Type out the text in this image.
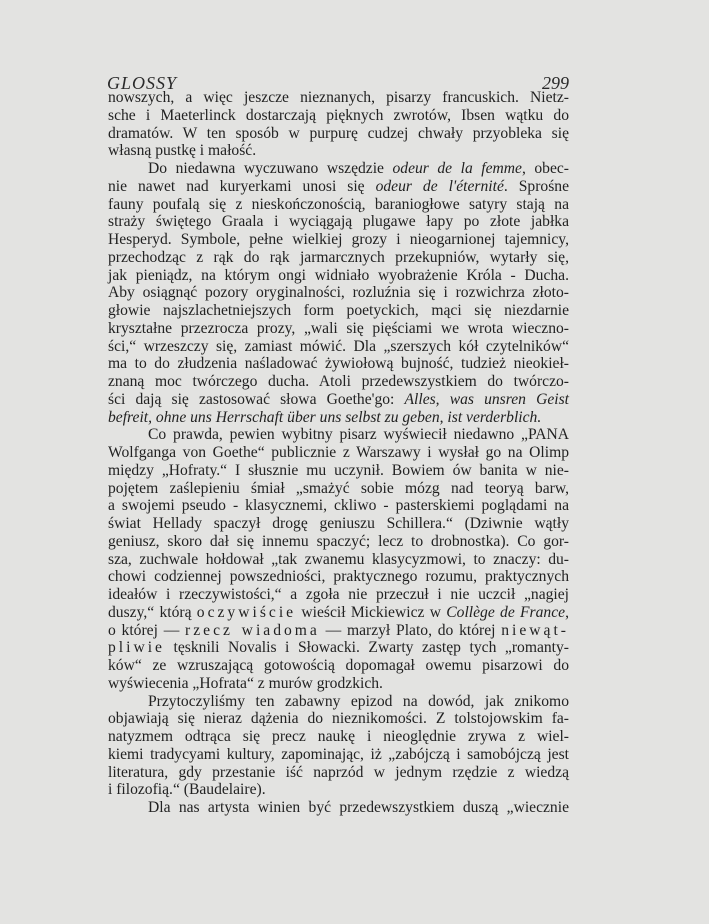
GLOSSY	299
nowszych, a więc jeszcze nieznanych, pisarzy francuskich. Nietz-
sche i Maeterlinck dostarczają pięknych zwrotów, Ibsen wątku do
dramatów. W ten sposób w purpurę cudzej chwały przyobleka się
własną pustkę i małość.
Do niedawna wyczuwano wszędzie odeur de la femme, obec-
nie nawet nad kuryerkami unosi się odeur de l'éternité. Sprośne
fauny poufalą się z nieskończonością, baraniogłowe satyry stają na
straży świętego Graala i wyciągają plugawe łapy po złote jabłka
Hesperyd. Symbole, pełne wielkiej grozy i nieogarnionej tajemnicy,
przechodząc z rąk do rąk jarmarcznych przekupniów, wytarły się,
jak pieniądz, na którym ongi widniało wyobrażenie Króla - Ducha.
Aby osiągnąć pozory oryginalności, rozluźnia się i rozwichrza złoto-
głowie najszlachetniejszych form poetyckich, mąci się niezdarnie
kryształne przezrocza prozy, „wali się pięściami we wrota wieczno-
ści,“ wrzeszczy się, zamiast mówić. Dla „szerszych kół czytelników“
ma to do złudzenia naśladować żywiołową bujność, tudzież nieokieł-
znaną moc twórczego ducha. Atoli przedewszystkiem do twórczo-
ści dają się zastosować słowa Goethe'go: Alles, was unsren Geist
befreit, ohne uns Herrschaft über uns selbst zu geben, ist verderblich.
Co prawda, pewien wybitny pisarz wyświecił niedawno „PANA
Wolfganga von Goethe“ publicznie z Warszawy i wysłał go na Olimp
między „Hofraty.“ I słusznie mu uczynił. Bowiem ów banita w nie-
pojętem zaślepieniu śmiał „smażyć sobie mózg nad teoryą barw,
a swojemi pseudo - klasycznemi, ckliwo - pasterskiemi poglądami na
świat Hellady spaczył drogę geniuszu Schillera.“ (Dziwnie wątły
geniusz, skoro dał się innemu spaczyć; lecz to drobnostka). Co gor-
sza, zuchwale hołdował „tak zwanemu klasycyzmowi, to znaczy: du-
chowi codziennej powszedniości, praktycznego rozumu, praktycznych
ideałów i rzeczywistości,“ a zgoła nie przeczuł i nie uczcił „nagiej
duszy,“ którą oczywiście wieścił Mickiewicz w Collège de France,
o której — rzecz wiadoma — marzył Plato, do której niewąt-
pliwie tęsknili Novalis i Słowacki. Zwarty zastęp tych „romanty-
ków“ ze wzruszającą gotowością dopomagał owemu pisarzowi do
wyświecenia „Hofrata“ z murów grodzkich.
Przytoczyliśmy ten zabawny epizod na dowód, jak znikomo
objawiają się nieraz dążenia do nieznikomości. Z tolstojowskim fa-
natyzmem odtrąca się precz naukę i nieoględnie zrywa z wiel-
kiemi tradycyami kultury, zapominając, iż „zabójczą i samobójczą jest
literatura, gdy przestanie iść naprzód w jednym rzędzie z wiedzą
i filozofią.“ (Baudelaire).
Dla nas artysta winien być przedewszystkiem duszą „wiecznie
